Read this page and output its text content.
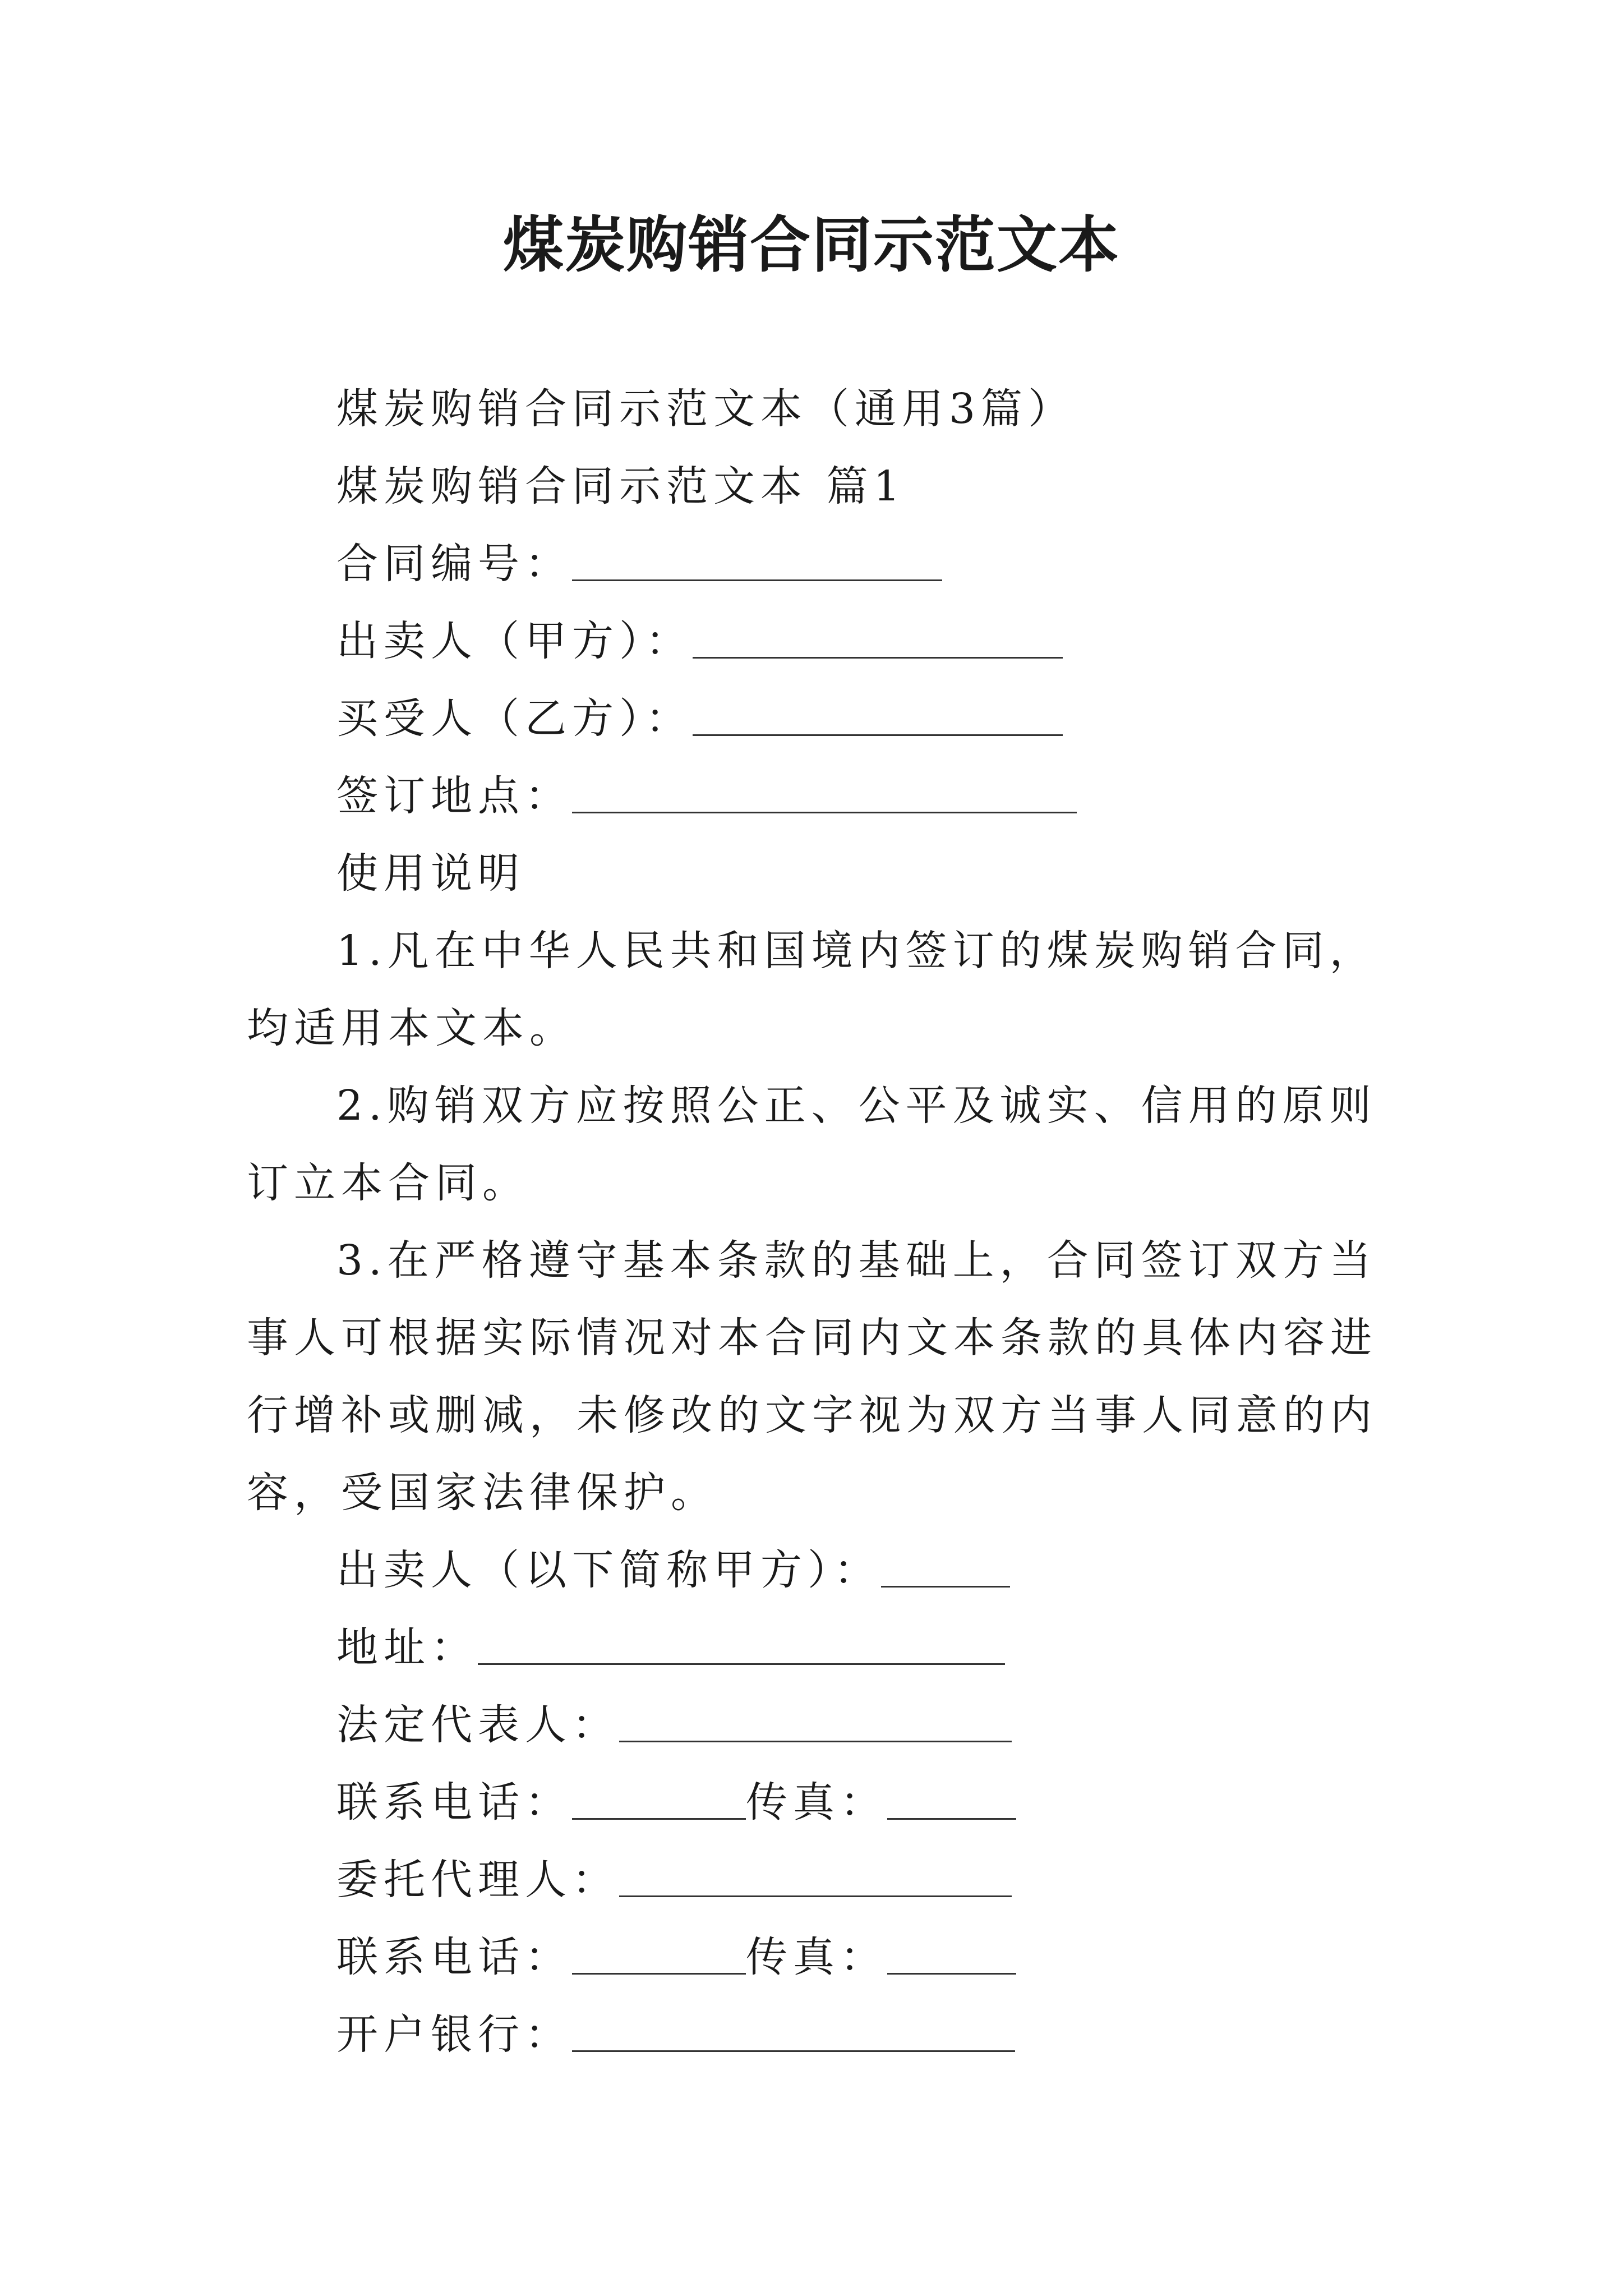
煤炭购销合同示范文本

煤炭购销合同示范文本（通用3篇）

煤炭购销合同示范文本 篇1

合同编号：

出卖人（甲方）：

买受人（乙方）：

签订地点：

使用说明

1.凡在中华人民共和国境内签订的煤炭购销合同，均适用本文本。

2.购销双方应按照公正、公平及诚实、信用的原则订立本合同。

3.在严格遵守基本条款的基础上，合同签订双方当事人可根据实际情况对本合同内文本条款的具体内容进行增补或删减，未修改的文字视为双方当事人同意的内容，受国家法律保护。

出卖人（以下简称甲方）：

地址：

法定代表人：

联系电话：	传真：

委托代理人：

联系电话：	传真：

开户银行：
